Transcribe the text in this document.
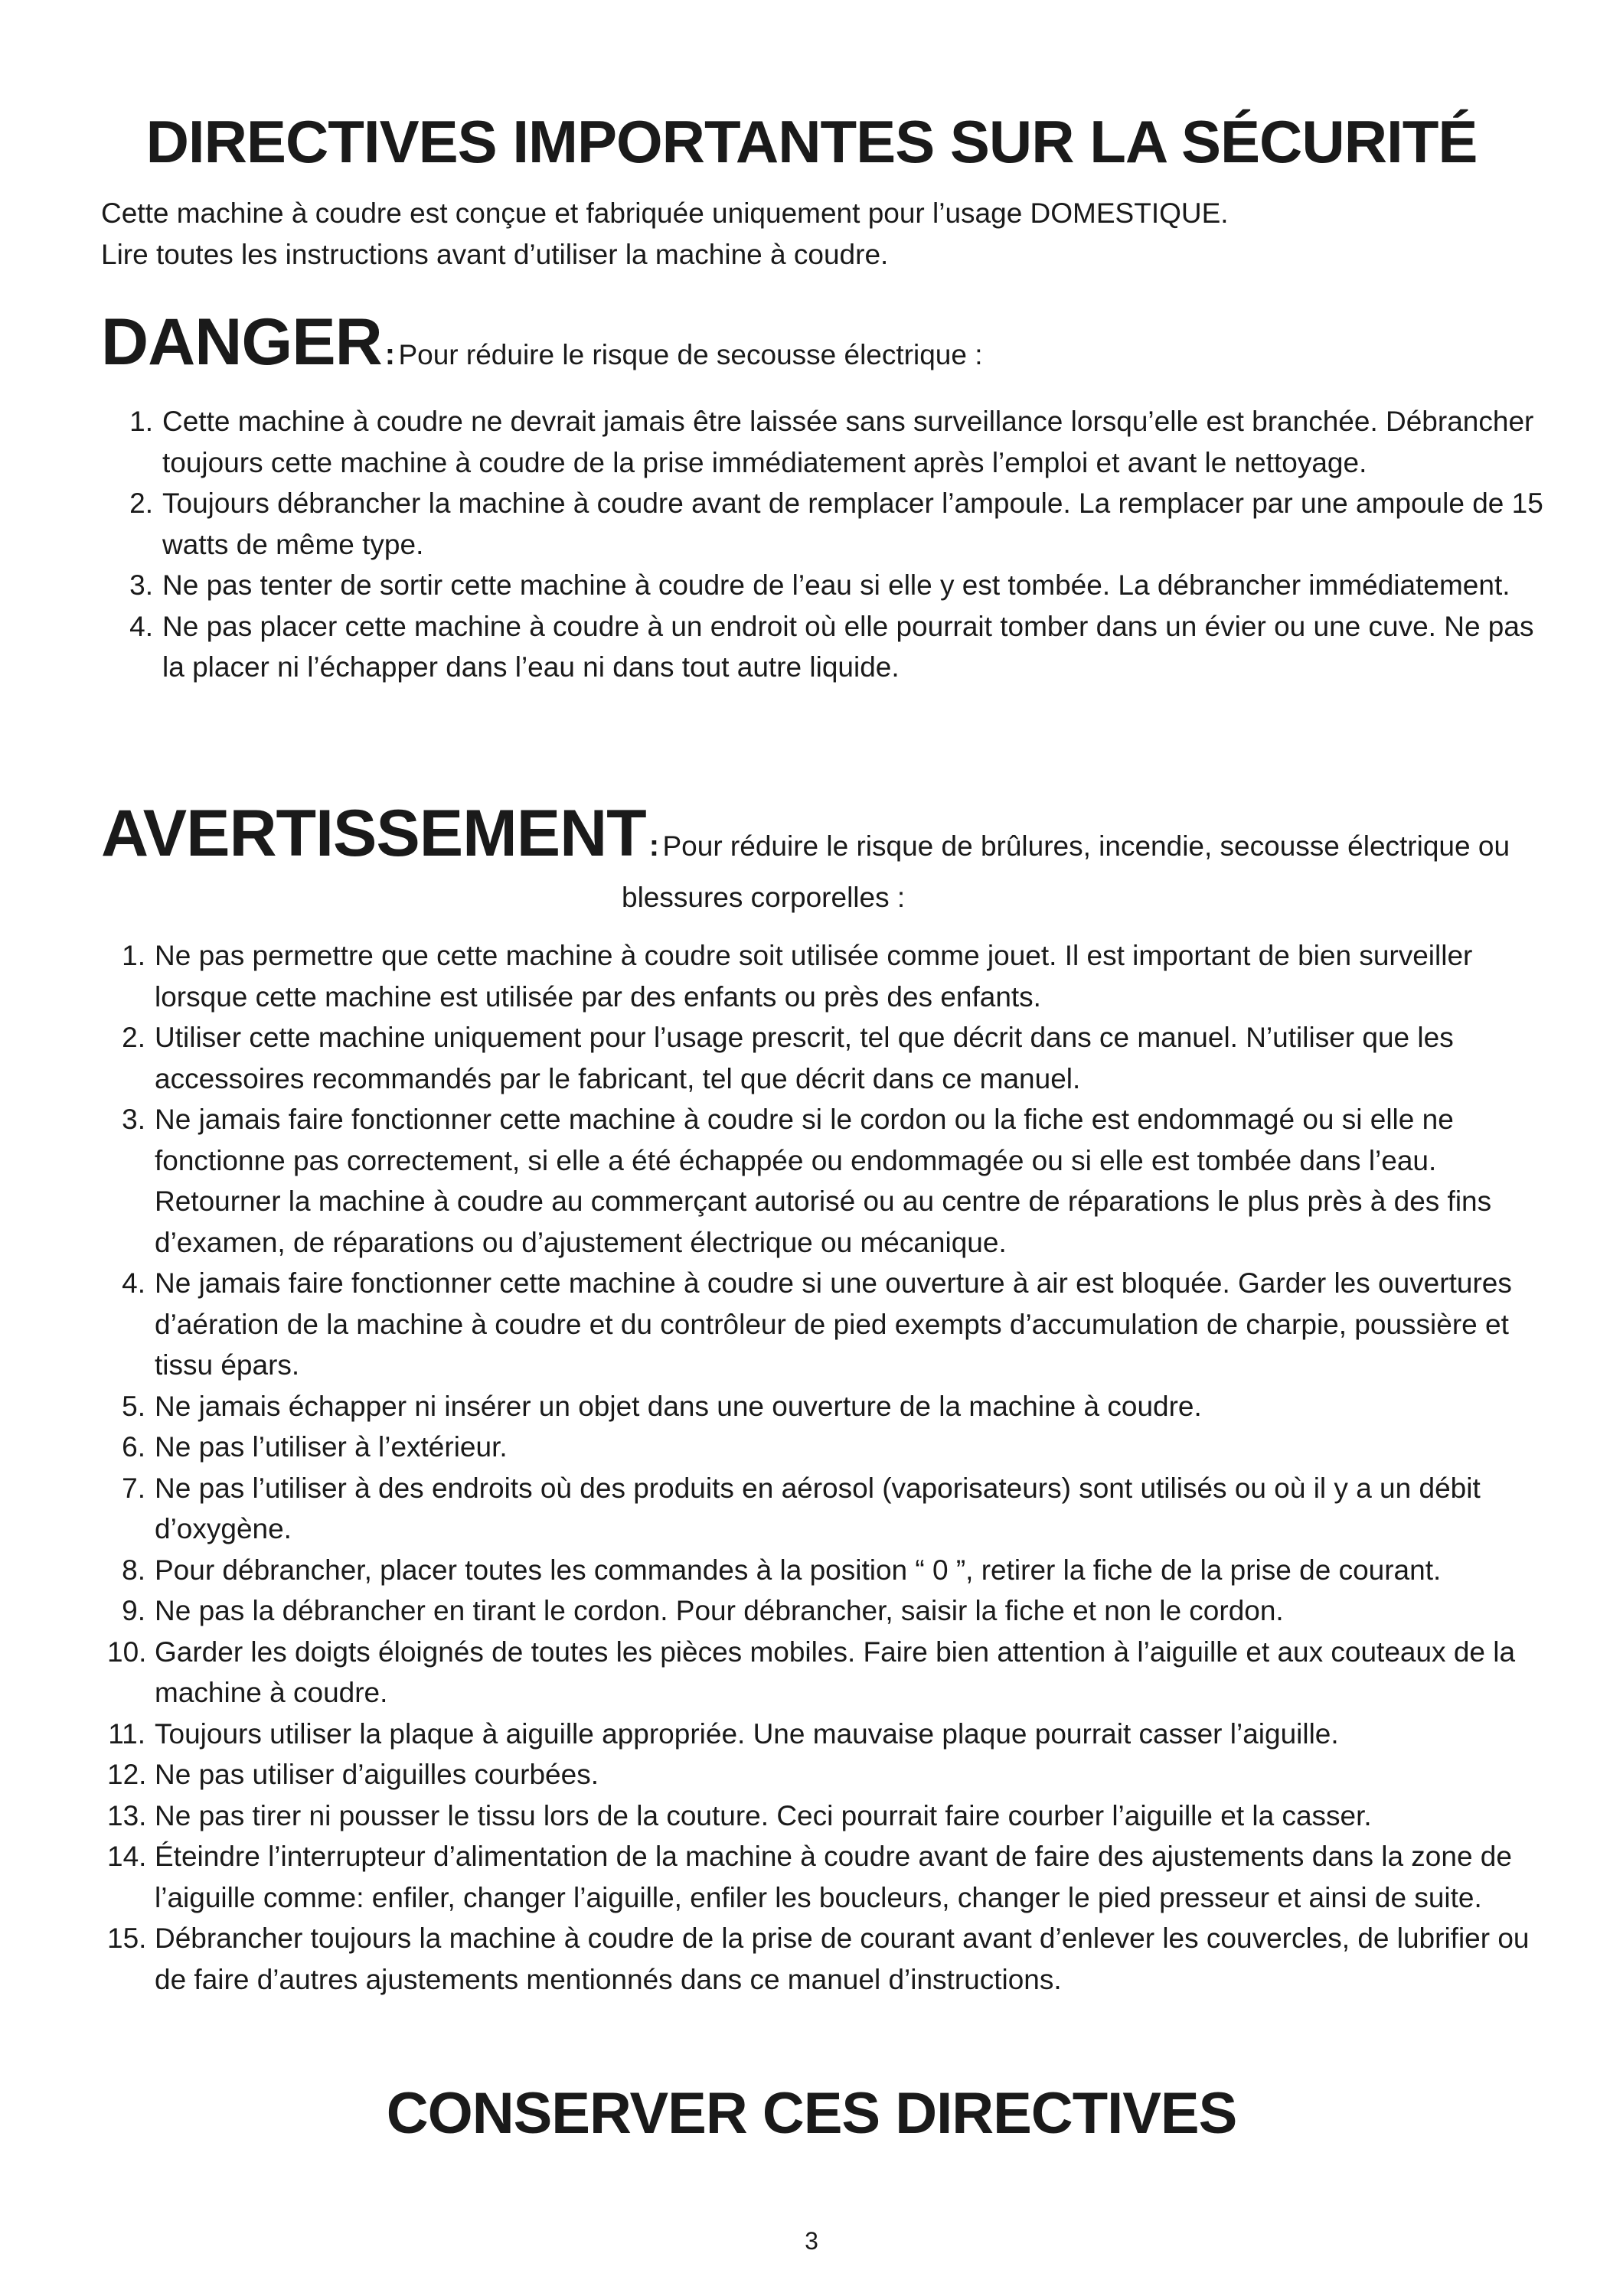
DIRECTIVES IMPORTANTES SUR LA SÉCURITÉ

Cette machine à coudre est conçue et fabriquée uniquement pour l’usage DOMESTIQUE.

Lire toutes les instructions avant d’utiliser la machine à coudre.

DANGER : Pour réduire le risque de secousse électrique :
1. Cette machine à coudre ne devrait jamais être laissée sans surveillance lorsqu’elle est branchée. Débrancher toujours cette machine à coudre de la prise immédiatement après l’emploi et avant le nettoyage.
2. Toujours débrancher la machine à coudre avant de remplacer l’ampoule. La remplacer par une ampoule de 15 watts de même type.
3. Ne pas tenter de sortir cette machine à coudre de l’eau si elle y est tombée. La débrancher immédiatement.
4. Ne pas placer cette machine à coudre à un endroit où elle pourrait tomber dans un évier ou une cuve. Ne pas la placer ni l’échapper dans l’eau ni dans tout autre liquide.
AVERTISSEMENT : Pour réduire le risque de brûlures, incendie, secousse électrique ou
blessures corporelles :
1. Ne pas permettre que cette machine à coudre soit utilisée comme jouet. Il est important de bien surveiller lorsque cette machine est utilisée par des enfants ou près des enfants.
2. Utiliser cette machine uniquement pour l’usage prescrit, tel que décrit dans ce manuel. N’utiliser que les accessoires recommandés par le fabricant, tel que décrit dans ce manuel.
3. Ne jamais faire fonctionner cette machine à coudre si le cordon ou la fiche est endommagé ou si elle ne fonctionne pas correctement, si elle a été échappée ou endommagée ou si elle est tombée dans l’eau. Retourner la machine à coudre au commerçant autorisé ou au centre de réparations le plus près à des fins d’examen, de réparations ou d’ajustement électrique ou mécanique.
4. Ne jamais faire fonctionner cette machine à coudre si une ouverture à air est bloquée. Garder les ouvertures d’aération de la machine à coudre et du contrôleur de pied exempts d’accumulation de charpie, poussière et tissu épars.
5. Ne jamais échapper ni insérer un objet dans une ouverture de la machine à coudre.
6. Ne pas l’utiliser à l’extérieur.
7. Ne pas l’utiliser à des endroits où des produits en aérosol (vaporisateurs) sont utilisés ou où il y a un débit d’oxygène.
8. Pour débrancher, placer toutes les commandes à la position “ 0 ”, retirer la fiche de la prise de courant.
9. Ne pas la débrancher en tirant le cordon. Pour débrancher, saisir la fiche et non le cordon.
10. Garder les doigts éloignés de toutes les pièces mobiles. Faire bien attention à l’aiguille et aux couteaux de la machine à coudre.
11. Toujours utiliser la plaque à aiguille appropriée. Une mauvaise plaque pourrait casser l’aiguille.
12. Ne pas utiliser d’aiguilles courbées.
13. Ne pas tirer ni pousser le tissu lors de la couture. Ceci pourrait faire courber l’aiguille et la casser.
14. Éteindre l’interrupteur d’alimentation de la machine à coudre avant de faire des ajustements dans la zone de l’aiguille comme: enfiler, changer l’aiguille, enfiler les boucleurs, changer le pied presseur et ainsi de suite.
15. Débrancher toujours la machine à coudre de la prise de courant avant d’enlever les couvercles, de lubrifier ou de faire d’autres ajustements mentionnés dans ce manuel d’instructions.
CONSERVER CES DIRECTIVES
3
